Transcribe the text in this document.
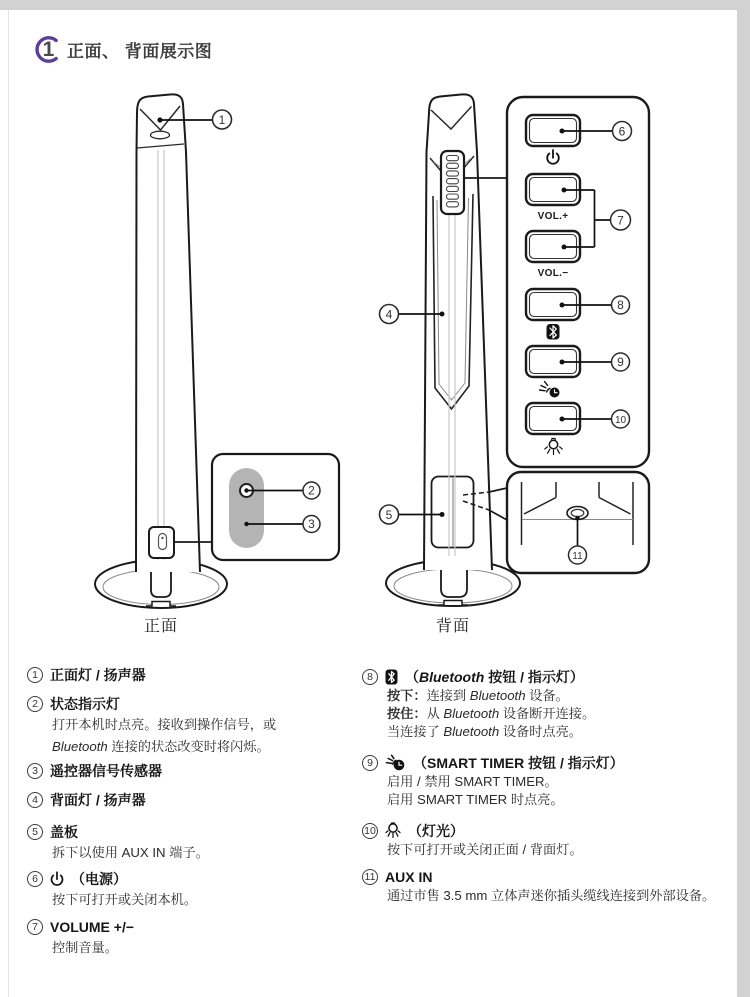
1 正面、 背面展示图
正面	背面
VOL.+
VOL.−
1
2
3
4
5
6
7
8
9
10
11
1 正面灯 / 扬声器
2 状态指示灯
打开本机时点亮。接收到操作信号，或
Bluetooth 连接的状态改变时将闪烁。
3 遥控器信号传感器
4 背面灯 / 扬声器
5 盖板
拆下以使用 AUX IN 端子。
6	（电源）
按下可打开或关闭本机。
7 VOLUME +/−
控制音量。
8	（Bluetooth 按钮 / 指示灯）
按下：连接到 Bluetooth 设备。
按住：从 Bluetooth 设备断开连接。
当连接了 Bluetooth 设备时点亮。
9	（SMART TIMER 按钮 / 指示灯）
启用 / 禁用 SMART TIMER。
启用 SMART TIMER 时点亮。
10 （灯光）
按下可打开或关闭正面 / 背面灯。
11 AUX IN
通过市售 3.5 mm 立体声迷你插头缆线连接到外部设备。
